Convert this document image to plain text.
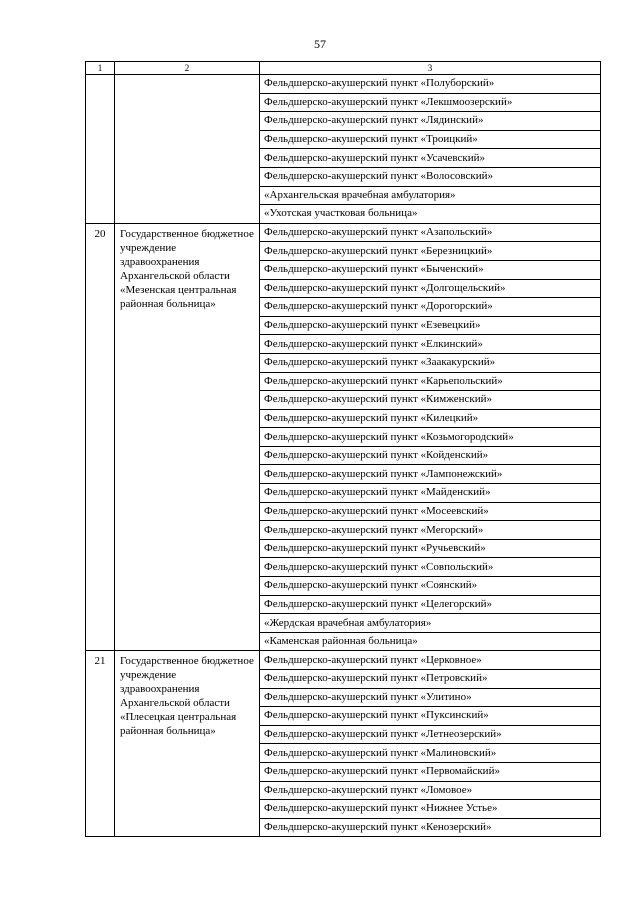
57
1	2	3
		Фельдшерско-акушерский пункт «Полуборский»
		Фельдшерско-акушерский пункт «Лекшмоозерский»
		Фельдшерско-акушерский пункт «Лядинский»
		Фельдшерско-акушерский пункт «Троицкий»
		Фельдшерско-акушерский пункт «Усачевский»
		Фельдшерско-акушерский пункт «Волосовский»
		«Архангельская врачебная амбулатория»
		«Ухотская участковая больница»
20	Государственное бюджетное учреждение здравоохранения Архангельской области «Мезенская центральная районная больница»	Фельдшерско-акушерский пункт «Азапольский»
		Фельдшерско-акушерский пункт «Березницкий»
		Фельдшерско-акушерский пункт «Быченский»
		Фельдшерско-акушерский пункт «Долгощельский»
		Фельдшерско-акушерский пункт «Дорогорский»
		Фельдшерско-акушерский пункт «Езевецкий»
		Фельдшерско-акушерский пункт «Елкинский»
		Фельдшерско-акушерский пункт «Заакакурский»
		Фельдшерско-акушерский пункт «Карьепольский»
		Фельдшерско-акушерский пункт «Кимженский»
		Фельдшерско-акушерский пункт «Килецкий»
		Фельдшерско-акушерский пункт «Козьмогородский»
		Фельдшерско-акушерский пункт «Койденский»
		Фельдшерско-акушерский пункт «Лампонежский»
		Фельдшерско-акушерский пункт «Майденский»
		Фельдшерско-акушерский пункт «Мосеевский»
		Фельдшерско-акушерский пункт «Мегорский»
		Фельдшерско-акушерский пункт «Ручьевский»
		Фельдшерско-акушерский пункт «Совпольский»
		Фельдшерско-акушерский пункт «Соянский»
		Фельдшерско-акушерский пункт «Целегорский»
		«Жердская врачебная амбулатория»
		«Каменская районная больница»
21	Государственное бюджетное учреждение здравоохранения Архангельской области «Плесецкая центральная районная больница»	Фельдшерско-акушерский пункт «Церковное»
		Фельдшерско-акушерский пункт «Петровский»
		Фельдшерско-акушерский пункт «Улитино»
		Фельдшерско-акушерский пункт «Пуксинский»
		Фельдшерско-акушерский пункт «Летнеозерский»
		Фельдшерско-акушерский пункт «Малиновский»
		Фельдшерско-акушерский пункт «Первомайский»
		Фельдшерско-акушерский пункт «Ломовое»
		Фельдшерско-акушерский пункт «Нижнее Устье»
		Фельдшерско-акушерский пункт «Кенозерский»
